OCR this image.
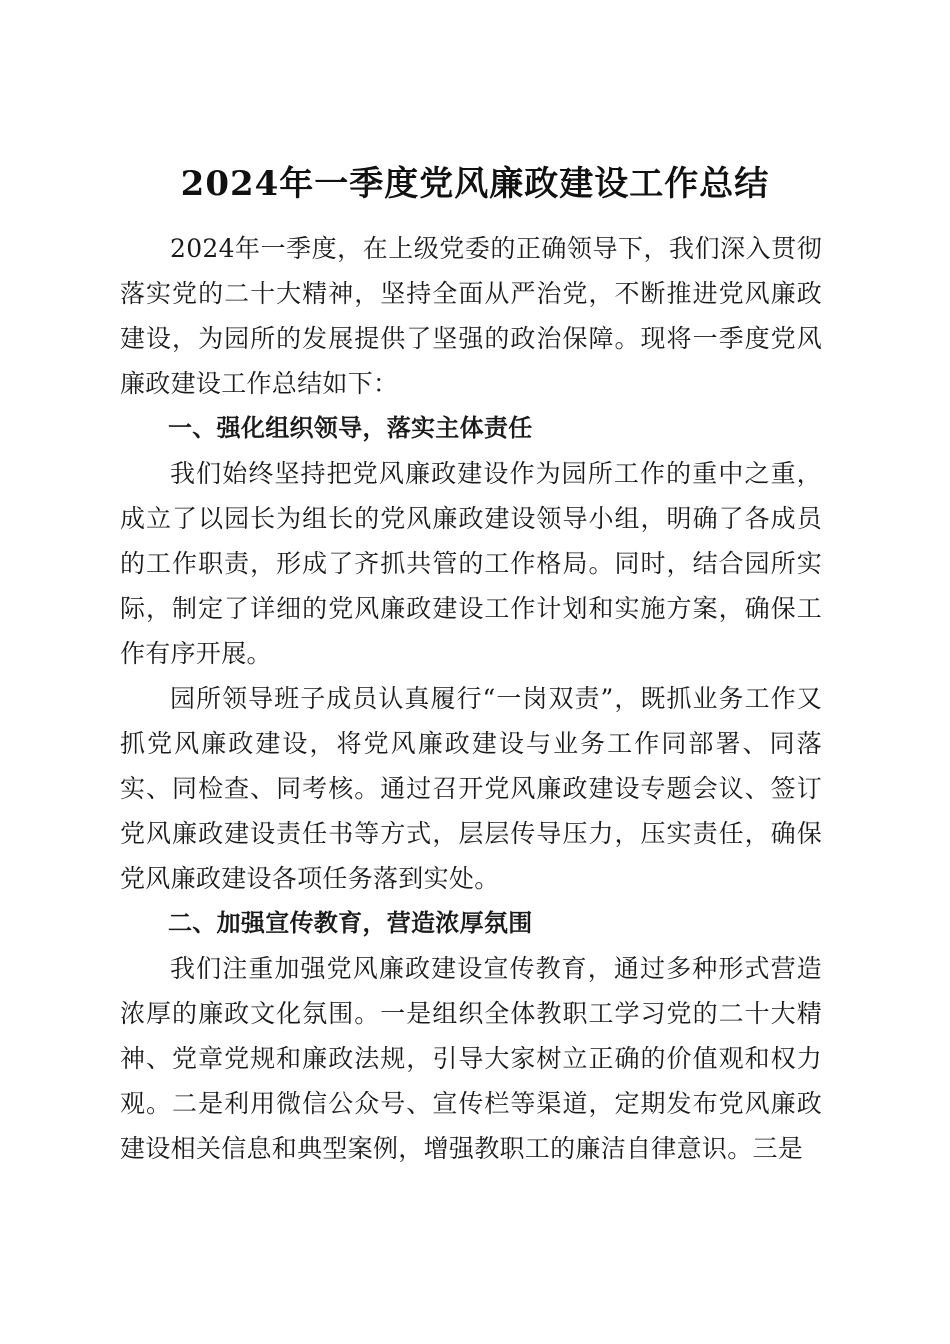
2024年一季度党风廉政建设工作总结

2024年一季度，在上级党委的正确领导下，我们深入贯彻落实党的二十大精神，坚持全面从严治党，不断推进党风廉政建设，为园所的发展提供了坚强的政治保障。现将一季度党风廉政建设工作总结如下：

一、强化组织领导，落实主体责任

我们始终坚持把党风廉政建设作为园所工作的重中之重，成立了以园长为组长的党风廉政建设领导小组，明确了各成员的工作职责，形成了齐抓共管的工作格局。同时，结合园所实际，制定了详细的党风廉政建设工作计划和实施方案，确保工作有序开展。

园所领导班子成员认真履行“一岗双责”，既抓业务工作又抓党风廉政建设，将党风廉政建设与业务工作同部署、同落实、同检查、同考核。通过召开党风廉政建设专题会议、签订党风廉政建设责任书等方式，层层传导压力，压实责任，确保党风廉政建设各项任务落到实处。

二、加强宣传教育，营造浓厚氛围

我们注重加强党风廉政建设宣传教育，通过多种形式营造浓厚的廉政文化氛围。一是组织全体教职工学习党的二十大精神、党章党规和廉政法规，引导大家树立正确的价值观和权力观。二是利用微信公众号、宣传栏等渠道，定期发布党风廉政建设相关信息和典型案例，增强教职工的廉洁自律意识。三是
